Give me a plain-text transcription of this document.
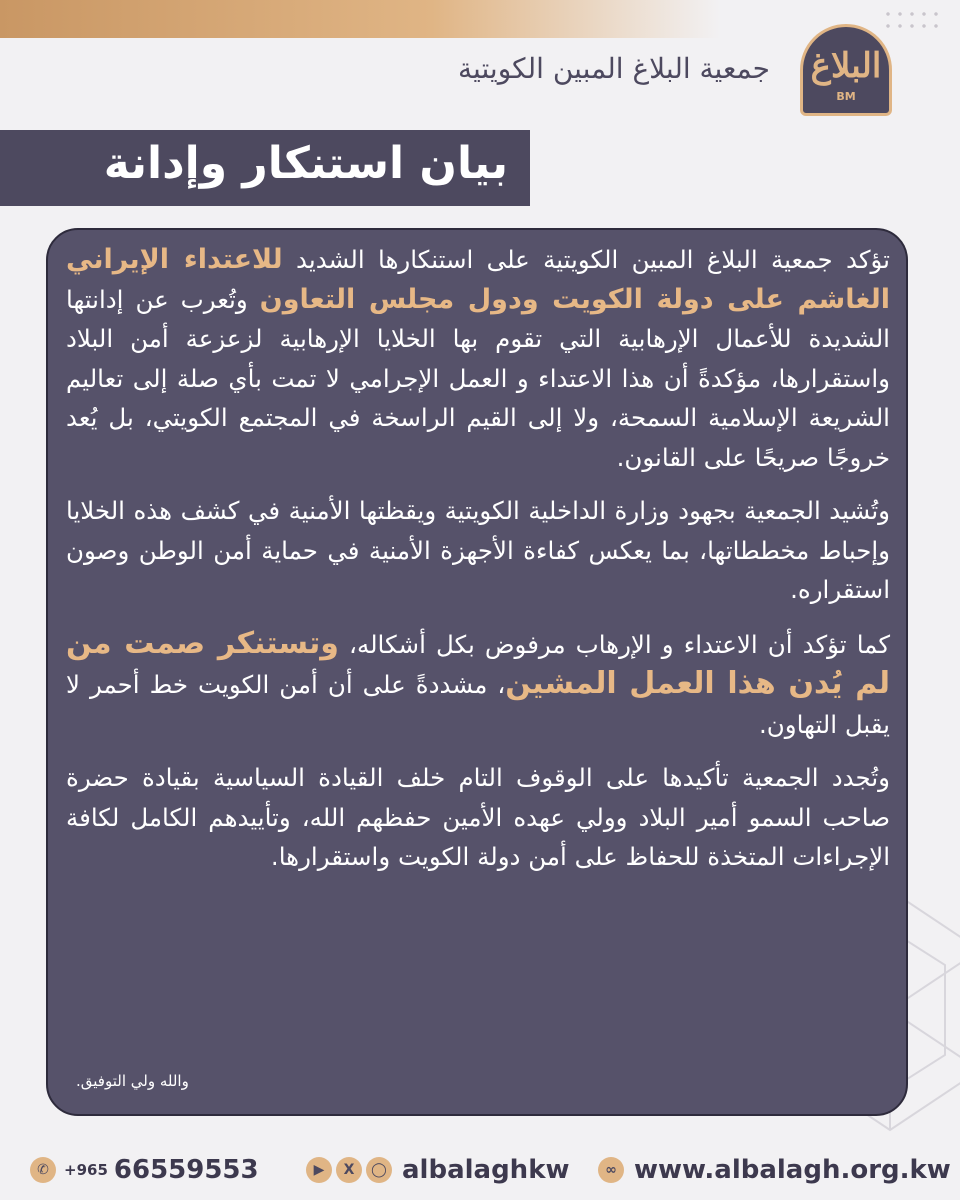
البلاغ
BM
جمعية البلاغ المبين الكويتية
بيان استنكار وإدانة

تؤكد جمعية البلاغ المبين الكويتية على استنكارها الشديد للاعتداء الإيراني الغاشم على دولة الكويت ودول مجلس التعاون وتُعرب عن إدانتها الشديدة للأعمال الإرهابية التي تقوم بها الخلايا الإرهابية لزعزعة أمن البلاد واستقرارها، مؤكدةً أن هذا الاعتداء و العمل الإجرامي لا تمت بأي صلة إلى تعاليم الشريعة الإسلامية السمحة، ولا إلى القيم الراسخة في المجتمع الكويتي، بل يُعد خروجًا صريحًا على القانون.

وتُشيد الجمعية بجهود وزارة الداخلية الكويتية ويقظتها الأمنية في كشف هذه الخلايا وإحباط مخططاتها، بما يعكس كفاءة الأجهزة الأمنية في حماية أمن الوطن وصون استقراره.

كما تؤكد أن الاعتداء و الإرهاب مرفوض بكل أشكاله، وتستنكر صمت من لم يُدن هذا العمل المشين، مشددةً على أن أمن الكويت خط أحمر لا يقبل التهاون.

وتُجدد الجمعية تأكيدها على الوقوف التام خلف القيادة السياسية بقيادة حضرة صاحب السمو أمير البلاد وولي عهده الأمين حفظهم الله، وتأييدهم الكامل لكافة الإجراءات المتخذة للحفاظ على أمن دولة الكويت واستقرارها.

والله ولي التوفيق.
✆	+965 66559553	▶	X	◯ albalaghkw	∞ www.albalagh.org.kw
